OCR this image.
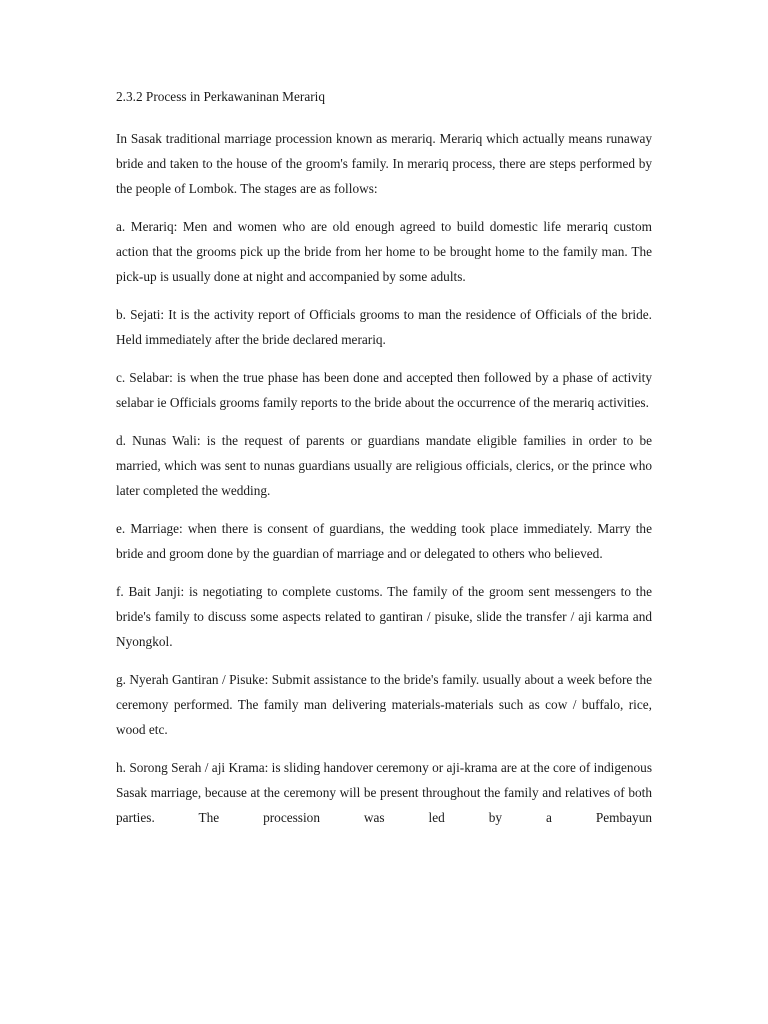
2.3.2 Process in Perkawaninan Merariq

In Sasak traditional marriage procession known as merariq. Merariq which actually means runaway bride and taken to the house of the groom's family. In merariq process, there are steps performed by the people of Lombok. The stages are as follows:

a. Merariq: Men and women who are old enough agreed to build domestic life merariq custom action that the grooms pick up the bride from her home to be brought home to the family man. The pick-up is usually done at night and accompanied by some adults.

b. Sejati: It is the activity report of Officials grooms to man the residence of Officials of the bride. Held immediately after the bride declared merariq.

c. Selabar: is when the true phase has been done and accepted then followed by a phase of activity selabar ie Officials grooms family reports to the bride about the occurrence of the merariq activities.

d. Nunas Wali: is the request of parents or guardians mandate eligible families in order to be married, which was sent to nunas guardians usually are religious officials, clerics, or the prince who later completed the wedding.

e. Marriage: when there is consent of guardians, the wedding took place immediately. Marry the bride and groom done by the guardian of marriage and or delegated to others who believed.

f. Bait Janji: is negotiating to complete customs. The family of the groom sent messengers to the bride's family to discuss some aspects related to gantiran / pisuke, slide the transfer / aji karma and Nyongkol.

g. Nyerah Gantiran / Pisuke: Submit assistance to the bride's family. usually about a week before the ceremony performed. The family man delivering materials-materials such as cow / buffalo, rice, wood etc.

h. Sorong Serah / aji Krama: is sliding handover ceremony or aji-krama are at the core of indigenous Sasak marriage, because at the ceremony will be present throughout the family and relatives of both parties. The procession was led by a Pembayun
